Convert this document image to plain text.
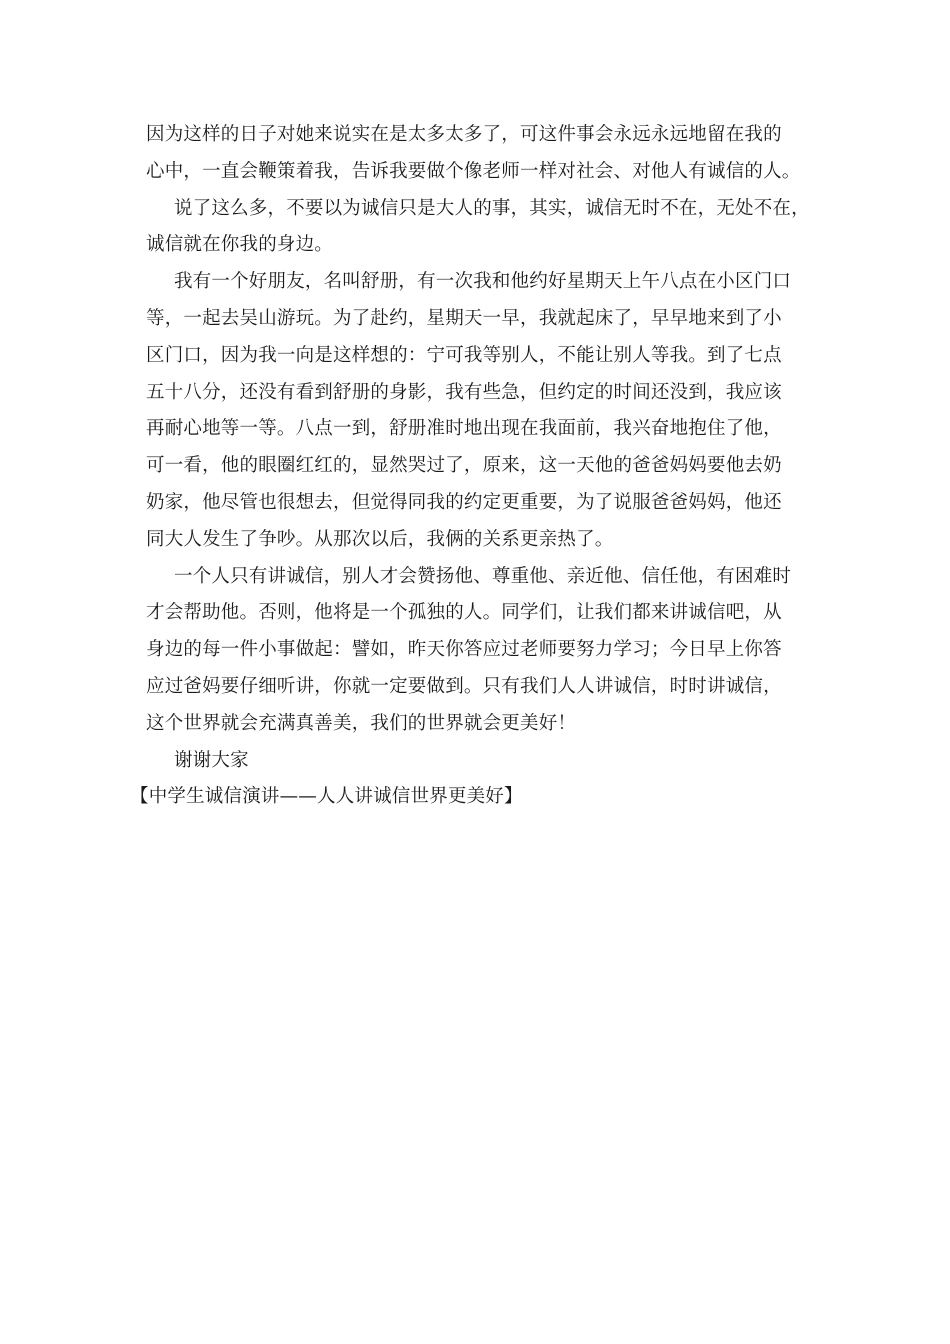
因为这样的日子对她来说实在是太多太多了，可这件事会永远永远地留在我的
心中，一直会鞭策着我，告诉我要做个像老师一样对社会、对他人有诚信的人。
说了这么多，不要以为诚信只是大人的事，其实，诚信无时不在，无处不在，
诚信就在你我的身边。
我有一个好朋友，名叫舒册，有一次我和他约好星期天上午八点在小区门口
等，一起去吴山游玩。为了赴约，星期天一早，我就起床了，早早地来到了小
区门口，因为我一向是这样想的：宁可我等别人，不能让别人等我。到了七点
五十八分，还没有看到舒册的身影，我有些急，但约定的时间还没到，我应该
再耐心地等一等。八点一到，舒册准时地出现在我面前，我兴奋地抱住了他，
可一看，他的眼圈红红的，显然哭过了，原来，这一天他的爸爸妈妈要他去奶
奶家，他尽管也很想去，但觉得同我的约定更重要，为了说服爸爸妈妈，他还
同大人发生了争吵。从那次以后，我俩的关系更亲热了。
一个人只有讲诚信，别人才会赞扬他、尊重他、亲近他、信任他，有困难时
才会帮助他。否则，他将是一个孤独的人。同学们，让我们都来讲诚信吧，从
身边的每一件小事做起：譬如，昨天你答应过老师要努力学习；今日早上你答
应过爸妈要仔细听讲，你就一定要做到。只有我们人人讲诚信，时时讲诚信，
这个世界就会充满真善美，我们的世界就会更美好！
谢谢大家
【中学生诚信演讲——人人讲诚信世界更美好】
